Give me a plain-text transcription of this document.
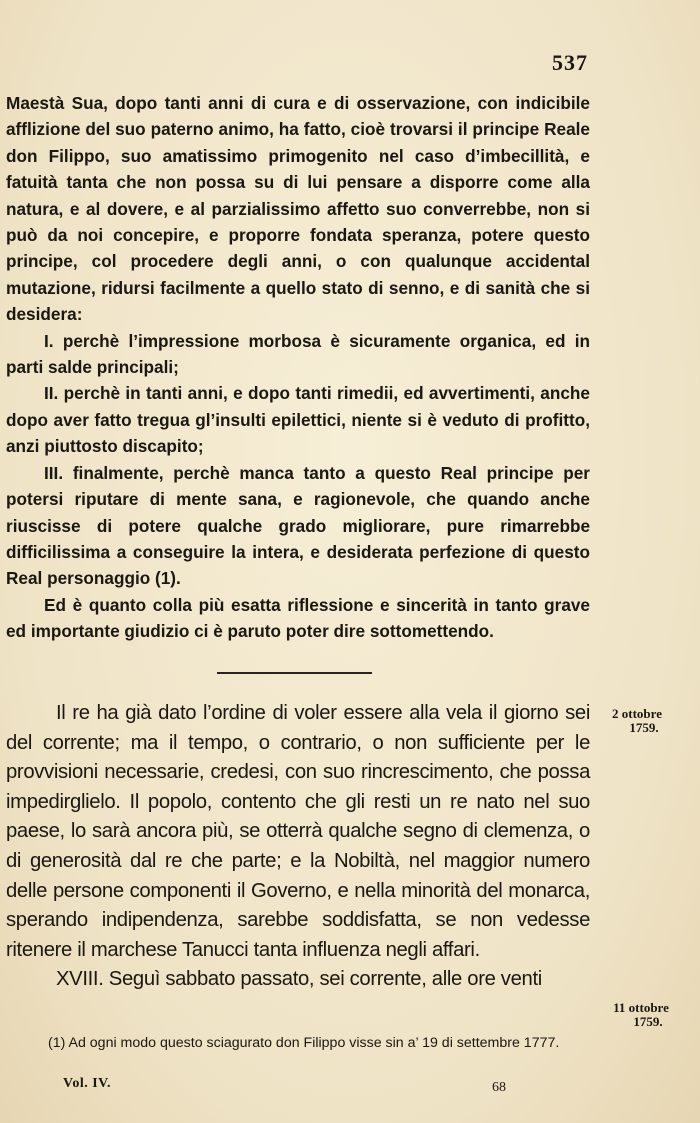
537

Maestà Sua, dopo tanti anni di cura e di osservazione, con indicibile afflizione del suo paterno animo, ha fatto, cioè trovarsi il principe Reale don Filippo, suo amatissimo primogenito nel caso d’imbecillità, e fatuità tanta che non possa su di lui pensare a disporre come alla natura, e al dovere, e al parzialissimo affetto suo converrebbe, non si può da noi concepire, e proporre fondata speranza, potere questo principe, col procedere degli anni, o con qualunque accidental mutazione, ridursi facilmente a quello stato di senno, e di sanità che si desidera:

I. perchè l’impressione morbosa è sicuramente organica, ed in parti salde principali;

II. perchè in tanti anni, e dopo tanti rimedii, ed avvertimenti, anche dopo aver fatto tregua gl’insulti epilettici, niente si è veduto di profitto, anzi piuttosto discapito;

III. finalmente, perchè manca tanto a questo Real principe per potersi riputare di mente sana, e ragionevole, che quando anche riuscisse di potere qualche grado migliorare, pure rimarrebbe difficilissima a conseguire la intera, e desiderata perfezione di questo Real personaggio (1).

Ed è quanto colla più esatta riflessione e sincerità in tanto grave ed importante giudizio ci è paruto poter dire sottomettendo.

Il re ha già dato l’ordine di voler essere alla vela il giorno sei del corrente; ma il tempo, o contrario, o non sufficiente per le provvisioni necessarie, credesi, con suo rincrescimento, che possa impedirglielo. Il popolo, contento che gli resti un re nato nel suo paese, lo sarà ancora più, se otterrà qualche segno di clemenza, o di generosità dal re che parte; e la Nobiltà, nel maggior numero delle persone componenti il Governo, e nella minorità del monarca, sperando indipendenza, sarebbe soddisfatta, se non vedesse ritenere il marchese Tanucci tanta influenza negli affari.

XVIII. Seguì sabbato passato, sei corrente, alle ore venti

2 ottobre
1759.
11 ottobre
1759.

(1) Ad ogni modo questo sciagurato don Filippo visse sin a’ 19 di settembre 1777.

Vol. IV.	68
